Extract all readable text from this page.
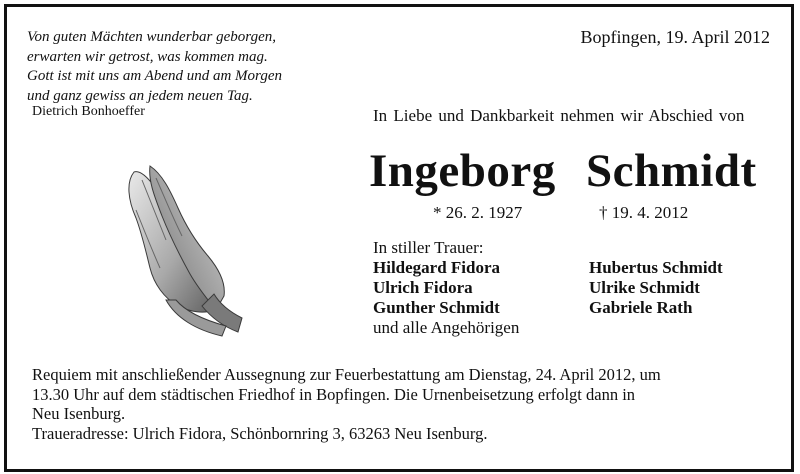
Von guten Mächten wunderbar geborgen,
erwarten wir getrost, was kommen mag.
Gott ist mit uns am Abend und am Morgen
und ganz gewiss an jedem neuen Tag.
Dietrich Bonhoeffer
Bopfingen, 19. April 2012
In Liebe und Dankbarkeit nehmen wir Abschied von
Ingeborg Schmidt
* 26. 2. 1927	† 19. 4. 2012
In stiller Trauer:
Hildegard Fidora
Ulrich Fidora
Gunther Schmidt
und alle Angehörigen
Hubertus Schmidt
Ulrike Schmidt
Gabriele Rath
Requiem mit anschließender Aussegnung zur Feuerbestattung am Dienstag, 24. April 2012, um
13.30 Uhr auf dem städtischen Friedhof in Bopfingen. Die Urnenbeisetzung erfolgt dann in
Neu Isenburg.
Traueradresse: Ulrich Fidora, Schönbornring 3, 63263 Neu Isenburg.
